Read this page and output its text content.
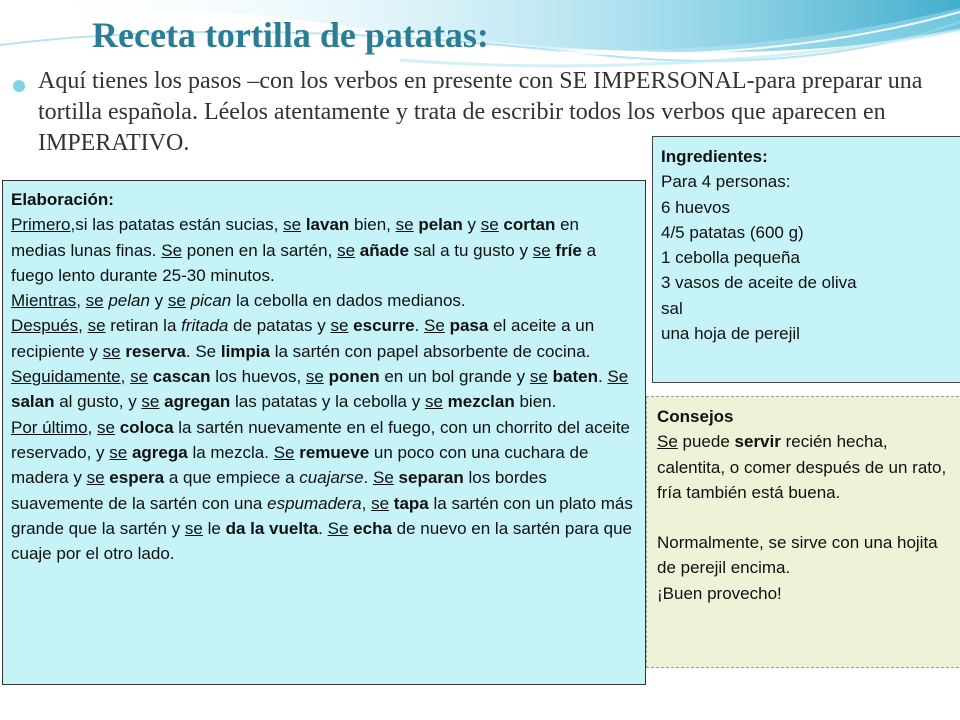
Receta tortilla de patatas:

Aquí tienes los pasos –con los verbos en presente con SE IMPERSONAL-para preparar una tortilla española. Léelos atentamente y trata de escribir todos los verbos que aparecen en IMPERATIVO.

Ingredientes:
Para 4 personas:
6 huevos
4/5 patatas (600 g)
1 cebolla pequeña
3 vasos de aceite de oliva
sal
una hoja de perejil
Consejos
Se puede servir recién hecha, calentita, o comer después de un rato, fría también está buena.
Normalmente, se sirve con una hojita de perejil encima.
¡Buen provecho!
Elaboración:
Primero,si las patatas están sucias, se lavan bien, se pelan y se cortan en medias lunas finas. Se ponen en la sartén, se añade sal a tu gusto y se fríe a fuego lento durante 25-30 minutos.
Mientras, se pelan y se pican la cebolla en dados medianos.
Después, se retiran la fritada de patatas y se escurre. Se pasa el aceite a un recipiente y se reserva. Se limpia la sartén con papel absorbente de cocina.
Seguidamente, se cascan los huevos, se ponen en un bol grande y se baten. Se salan al gusto, y se agregan las patatas y la cebolla y se mezclan bien.
Por último, se coloca la sartén nuevamente en el fuego, con un chorrito del aceite reservado, y se agrega la mezcla. Se remueve un poco con una cuchara de madera y se espera a que empiece a cuajarse. Se separan los bordes suavemente de la sartén con una espumadera, se tapa la sartén con un plato más grande que la sartén y se le da la vuelta. Se echa de nuevo en la sartén para que cuaje por el otro lado.
